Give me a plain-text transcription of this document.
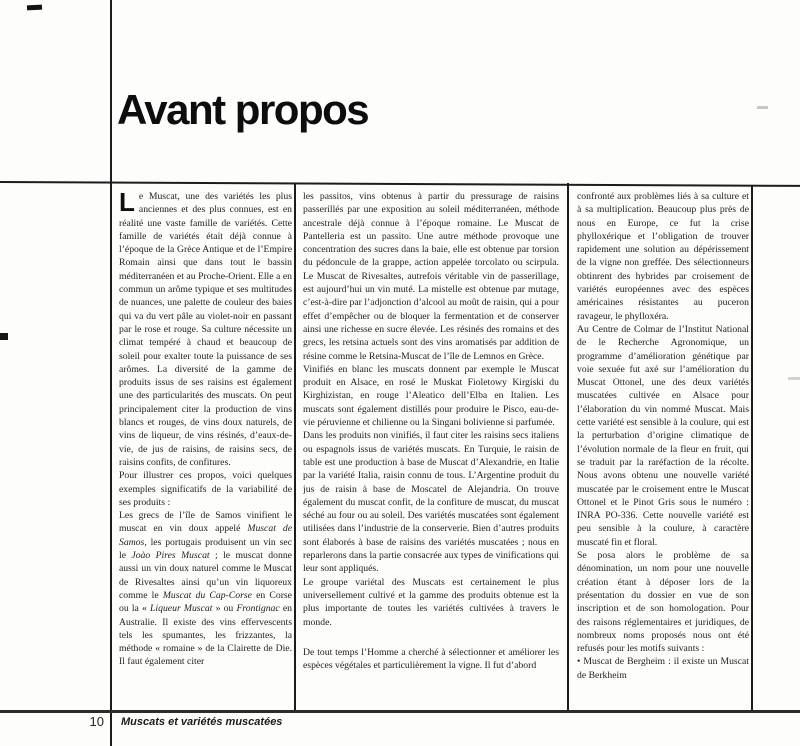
Avant propos

Le Muscat, une des variétés les plus anciennes et des plus connues, est en réalité une vaste famille de variétés. Cette famille de variétés était déjà connue à l’époque de la Grèce Antique et de l’Empire Romain ainsi que dans tout le bassin méditerranéen et au Proche-Orient. Elle a en commun un arôme typique et ses multitudes de nuances, une palette de couleur des baies qui va du vert pâle au violet-noir en passant par le rose et rouge. Sa culture nécessite un climat tempéré à chaud et beaucoup de soleil pour exalter toute la puissance de ses arômes. La diversité de la gamme de produits issus de ses raisins est également une des particularités des muscats. On peut principalement citer la production de vins blancs et rouges, de vins doux naturels, de vins de liqueur, de vins résinés, d’eaux-de-vie, de jus de raisins, de raisins secs, de raisins confits, de confitures.

Pour illustrer ces propos, voici quelques exemples significatifs de la variabilité de ses produits :

Les grecs de l’île de Samos vinifient le muscat en vin doux appelé Muscat de Samos, les portugais produisent un vin sec le Joào Pires Muscat ; le muscat donne aussi un vin doux naturel comme le Muscat de Rivesaltes ainsi qu’un vin liquoreux comme le Muscat du Cap-Corse en Corse ou la « Liqueur Muscat » ou Frontignac en Australie. Il existe des vins effervescents tels les spumantes, les frizzantes, la méthode « romaine » de la Clairette de Die. Il faut également citer

les passitos, vins obtenus à partir du pressurage de raisins passerillés par une exposition au soleil méditerranéen, méthode ancestrale déjà connue à l’époque romaine. Le Muscat de Pantelleria est un passito. Une autre méthode provoque une concentration des sucres dans la baie, elle est obtenue par torsion du pédoncule de la grappe, action appelée torcolato ou scirpula. Le Muscat de Rivesaltes, autrefois véritable vin de passerillage, est aujourd’hui un vin muté. La mistelle est obtenue par mutage, c’est-à-dire par l’adjonction d’alcool au moût de raisin, qui a pour effet d’empêcher ou de bloquer la fermentation et de conserver ainsi une richesse en sucre élevée. Les résinés des romains et des grecs, les retsina actuels sont des vins aromatisés par addition de résine comme le Retsina-Muscat de l’île de Lemnos en Grèce.

Vinifiés en blanc les muscats donnent par exemple le Muscat produit en Alsace, en rosé le Muskat Fioletowy Kirgiski du Kirghizistan, en rouge l’Aleatico dell’Elba en Italien. Les muscats sont également distillés pour produire le Pisco, eau-de-vie péruvienne et chilienne ou la Singani bolivienne si parfumée.

Dans les produits non vinifiés, il faut citer les raisins secs italiens ou espagnols issus de variétés muscats. En Turquie, le raisin de table est une production à base de Muscat d’Alexandrie, en Italie par la variété Italia, raisin connu de tous. L’Argentine produit du jus de raisin à base de Moscatel de Alejandria. On trouve également du muscat confit, de la confiture de muscat, du muscat séché au four ou au soleil. Des variétés muscatées sont également utilisées dans l’industrie de la conserverie. Bien d’autres produits sont élaborés à base de raisins des variétés muscatées ; nous en reparlerons dans la partie consacrée aux types de vinifications qui leur sont appliqués.

Le groupe variétal des Muscats est certainement le plus universellement cultivé et la gamme des produits obtenue est la plus importante de toutes les variétés cultivées à travers le monde.

De tout temps l’Homme a cherché à sélectionner et améliorer les espèces végétales et particulièrement la vigne. Il fut d’abord

confronté aux problèmes liés à sa culture et à sa multiplication. Beaucoup plus près de nous en Europe, ce fut la crise phylloxérique et l’obligation de trouver rapidement une solution au dépérissement de la vigne non greffée. Des sélectionneurs obtinrent des hybrides par croisement de variétés européennes avec des espèces américaines résistantes au puceron ravageur, le phylloxéra.

Au Centre de Colmar de l’Institut National de le Recherche Agronomique, un programme d’amélioration génétique par voie sexuée fut axé sur l’amélioration du Muscat Ottonel, une des deux variétés muscatées cultivée en Alsace pour l’élaboration du vin nommé Muscat. Mais cette variété est sensible à la coulure, qui est la perturbation d’origine climatique de l’évolution normale de la fleur en fruit, qui se traduit par la raréfaction de la récolte. Nous avons obtenu une nouvelle variété muscatée par le croisement entre le Muscat Ottonel et le Pinot Gris sous le numéro : INRA PO-336. Cette nouvelle variété est peu sensible à la coulure, à caractère muscaté fin et floral.

Se posa alors le problème de sa dénomination, un nom pour une nouvelle création étant à déposer lors de la présentation du dossier en vue de son inscription et de son homologation. Pour des raisons réglementaires et juridiques, de nombreux noms proposés nous ont été refusés pour les motifs suivants :

• Muscat de Bergheim : il existe un Muscat de Berkheim

10 Muscats et variétés muscatées
